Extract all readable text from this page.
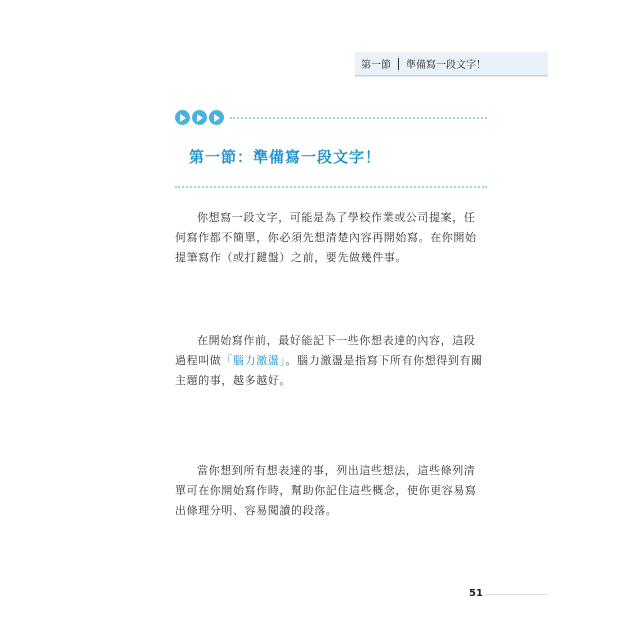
第一節 準備寫一段文字！
第一節：準備寫一段文字！

你想寫一段文字，可能是為了學校作業或公司提案，任何寫作都不簡單，你必須先想清楚內容再開始寫。在你開始提筆寫作（或打鍵盤）之前，要先做幾件事。

在開始寫作前，最好能記下一些你想表達的內容，這段過程叫做「腦力激盪」。腦力激盪是指寫下所有你想得到有關主題的事，越多越好。

當你想到所有想表達的事，列出這些想法，這些條列清單可在你開始寫作時，幫助你記住這些概念，使你更容易寫出條理分明、容易閱讀的段落。

51
